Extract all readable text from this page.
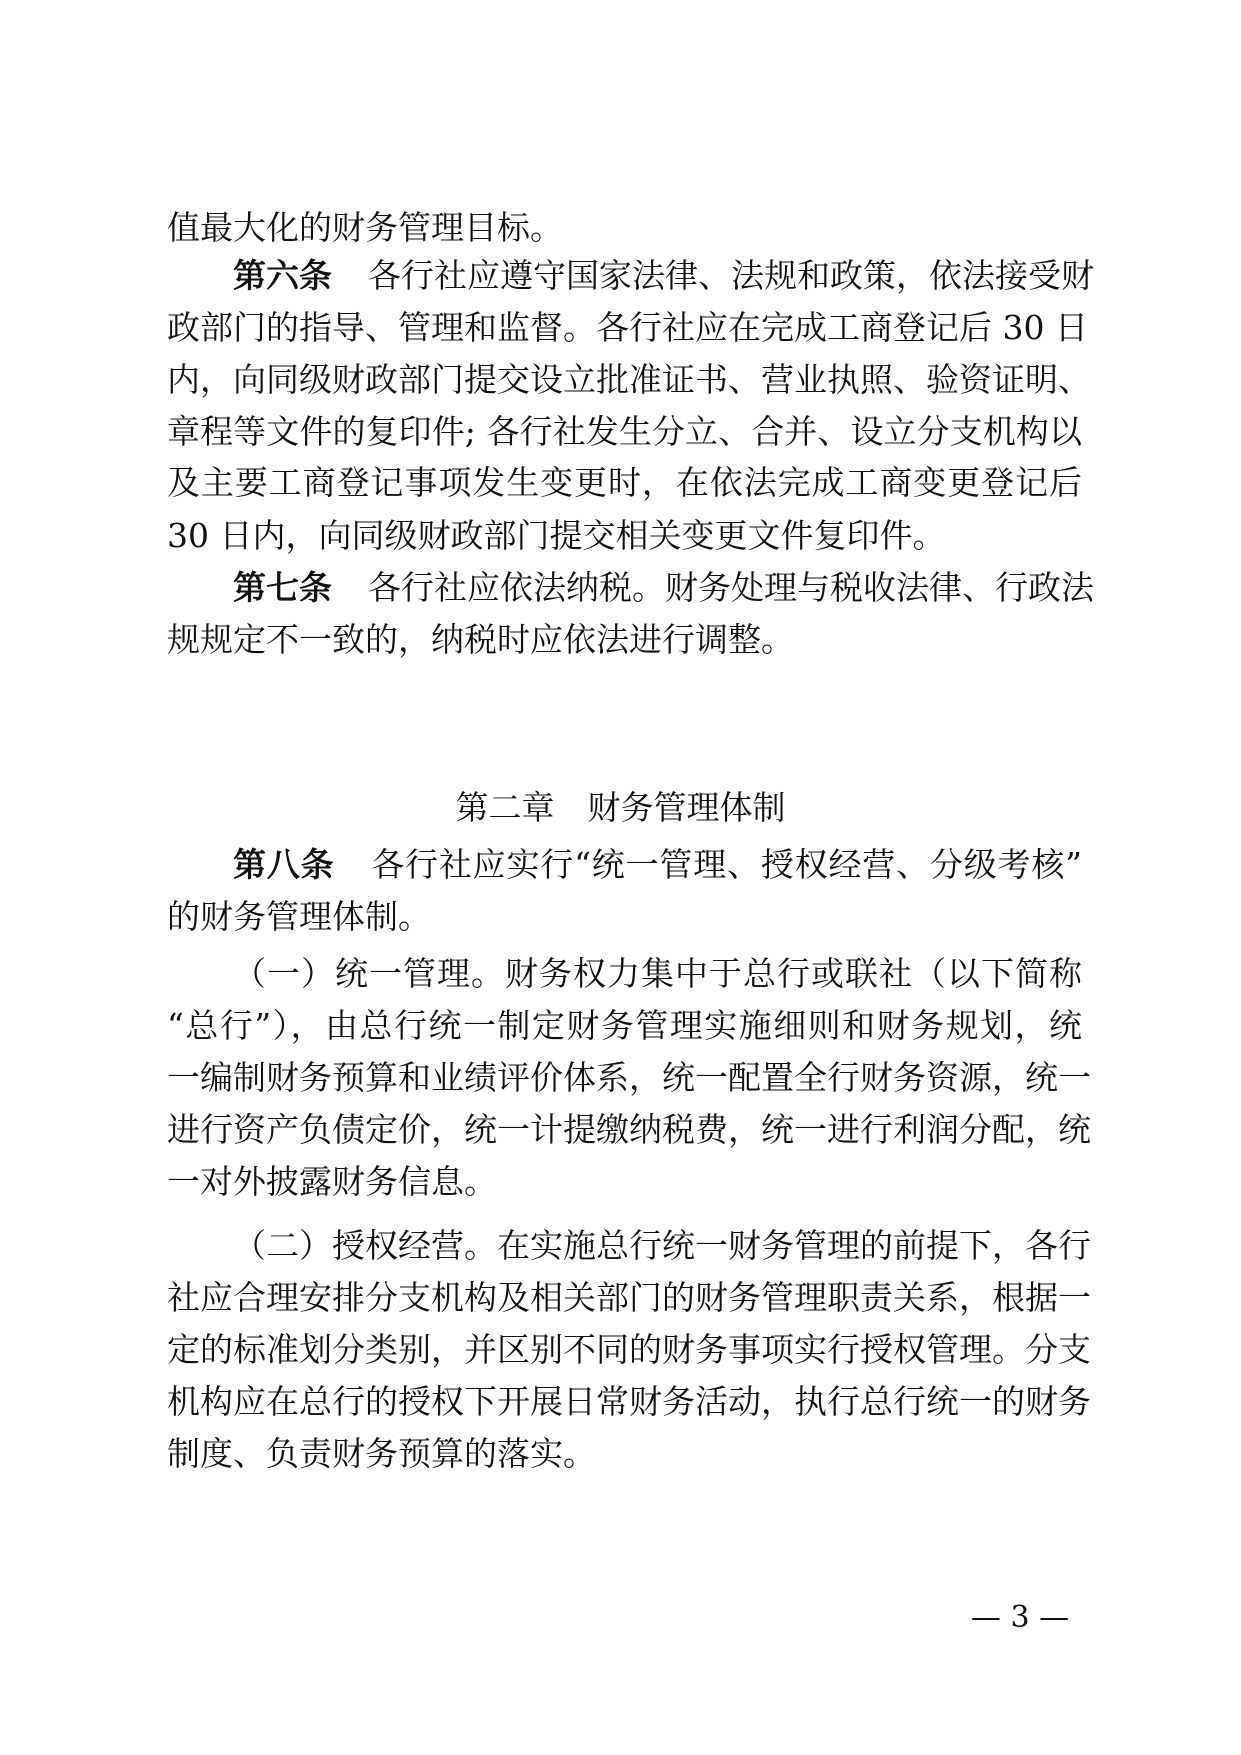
值最大化的财务管理目标。
第六条 各行社应遵守国家法律、法规和政策，依法接受财
政部门的指导、管理和监督。各行社应在完成工商登记后 30 日
内，向同级财政部门提交设立批准证书、营业执照、验资证明、
章程等文件的复印件; 各行社发生分立、合并、设立分支机构以
及主要工商登记事项发生变更时，在依法完成工商变更登记后
30 日内，向同级财政部门提交相关变更文件复印件。
第七条 各行社应依法纳税。财务处理与税收法律、行政法
规规定不一致的，纳税时应依法进行调整。
第二章　财务管理体制
第八条 各行社应实行“统一管理、授权经营、分级考核”
的财务管理体制。
（一）统一管理。财务权力集中于总行或联社（以下简称
“总行”），由总行统一制定财务管理实施细则和财务规划，统
一编制财务预算和业绩评价体系，统一配置全行财务资源，统一
进行资产负债定价，统一计提缴纳税费，统一进行利润分配，统
一对外披露财务信息。
（二）授权经营。在实施总行统一财务管理的前提下，各行
社应合理安排分支机构及相关部门的财务管理职责关系，根据一
定的标准划分类别，并区别不同的财务事项实行授权管理。分支
机构应在总行的授权下开展日常财务活动，执行总行统一的财务
制度、负责财务预算的落实。
— 3 —
